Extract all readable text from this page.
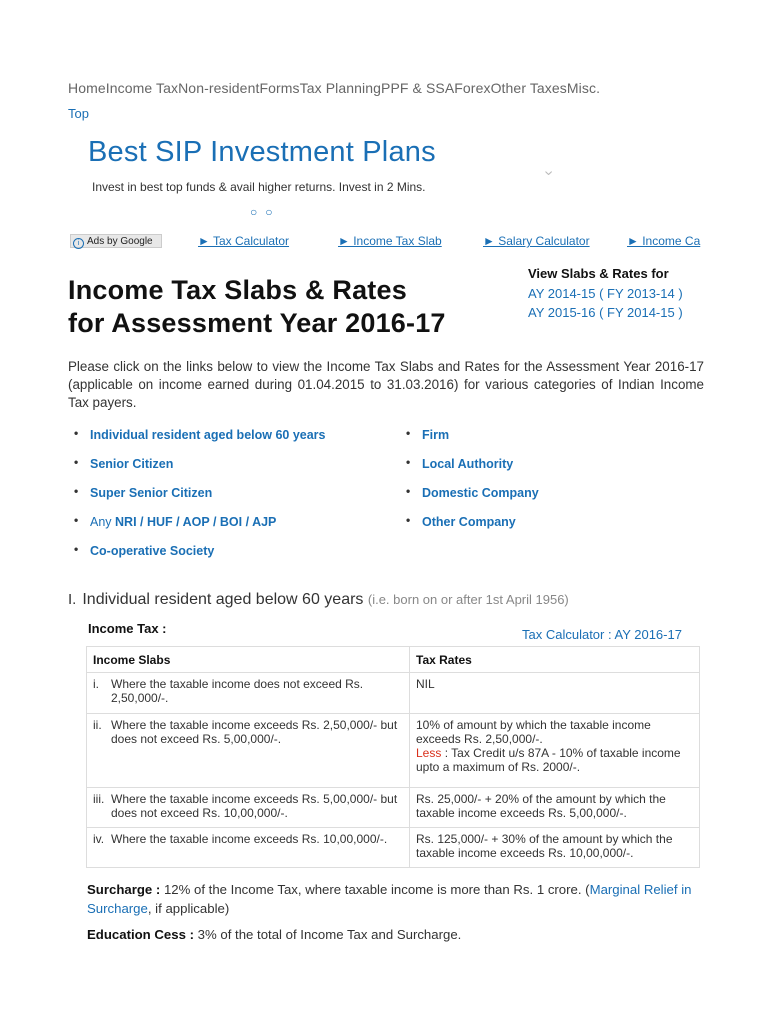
HomeIncome TaxNon-residentFormsTax PlanningPPF & SSAForexOther TaxesMisc.
Top
Best SIP Investment Plans
Invest in best top funds & avail higher returns. Invest in 2 Mins.
›
○○
i Ads by Google	► Tax Calculator	► Income Tax Slab	► Salary Calculator	► Income Ca
Income Tax Slabs & Rates
for Assessment Year 2016-17
View Slabs & Rates for
AY 2014-15 ( FY 2013-14 )
AY 2015-16 ( FY 2014-15 )
Please click on the links below to view the Income Tax Slabs and Rates for the Assessment Year 2016-17 (applicable on income earned during 01.04.2015 to 31.03.2016) for various categories of Indian Income Tax payers.
• Individual resident aged below 60 years
• Senior Citizen
• Super Senior Citizen
• Any NRI / HUF / AOP / BOI / AJP
• Co-operative Society
• Firm
• Local Authority
• Domestic Company
• Other Company
I. Individual resident aged below 60 years (i.e. born on or after 1st April 1956)
Income Tax :	Tax Calculator : AY 2016-17
Income Slabs	Tax Rates

i. Where the taxable income does not exceed Rs. 2,50,000/-.	NIL

ii. Where the taxable income exceeds Rs. 2,50,000/- but does not exceed Rs. 5,00,000/-.	10% of amount by which the taxable income exceeds Rs. 2,50,000/-.
Less : Tax Credit u/s 87A - 10% of taxable income upto a maximum of Rs. 2000/-.

iii. Where the taxable income exceeds Rs. 5,00,000/- but does not exceed Rs. 10,00,000/-.	Rs. 25,000/- + 20% of the amount by which the taxable income exceeds Rs. 5,00,000/-.

iv. Where the taxable income exceeds Rs. 10,00,000/-.	Rs. 125,000/- + 30% of the amount by which the taxable income exceeds Rs. 10,00,000/-.
Surcharge : 12% of the Income Tax, where taxable income is more than Rs. 1 crore. (Marginal Relief in Surcharge, if applicable)
Education Cess : 3% of the total of Income Tax and Surcharge.
